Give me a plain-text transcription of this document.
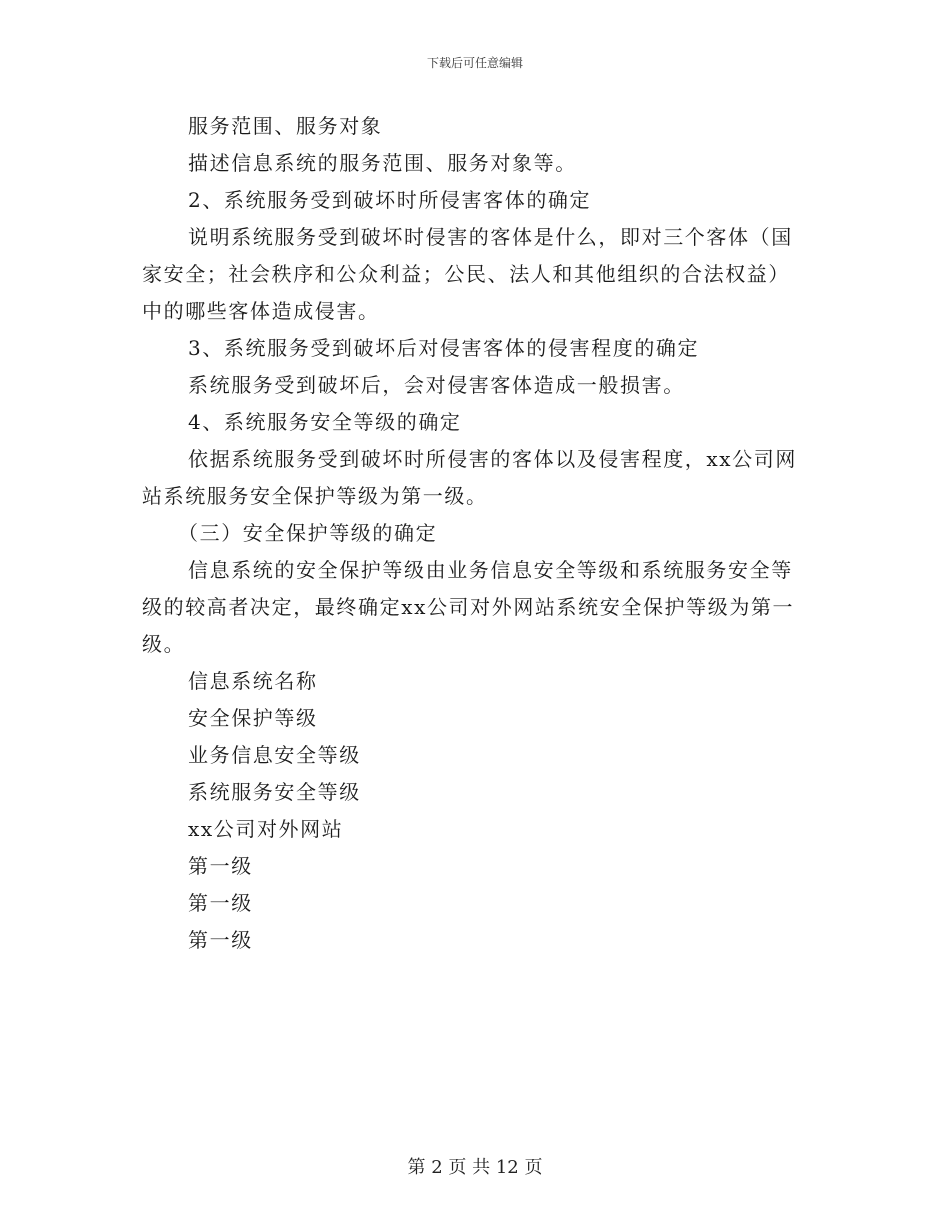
下载后可任意编辑

服务范围、服务对象

描述信息系统的服务范围、服务对象等。

2、系统服务受到破坏时所侵害客体的确定

说明系统服务受到破坏时侵害的客体是什么，即对三个客体（国家安全；社会秩序和公众利益；公民、法人和其他组织的合法权益）中的哪些客体造成侵害。

3、系统服务受到破坏后对侵害客体的侵害程度的确定

系统服务受到破坏后，会对侵害客体造成一般损害。

4、系统服务安全等级的确定

依据系统服务受到破坏时所侵害的客体以及侵害程度，xx公司网站系统服务安全保护等级为第一级。

（三）安全保护等级的确定

信息系统的安全保护等级由业务信息安全等级和系统服务安全等级的较高者决定，最终确定xx公司对外网站系统安全保护等级为第一级。

信息系统名称

安全保护等级

业务信息安全等级

系统服务安全等级

xx公司对外网站

第一级

第一级

第一级

第 2 页 共 12 页
